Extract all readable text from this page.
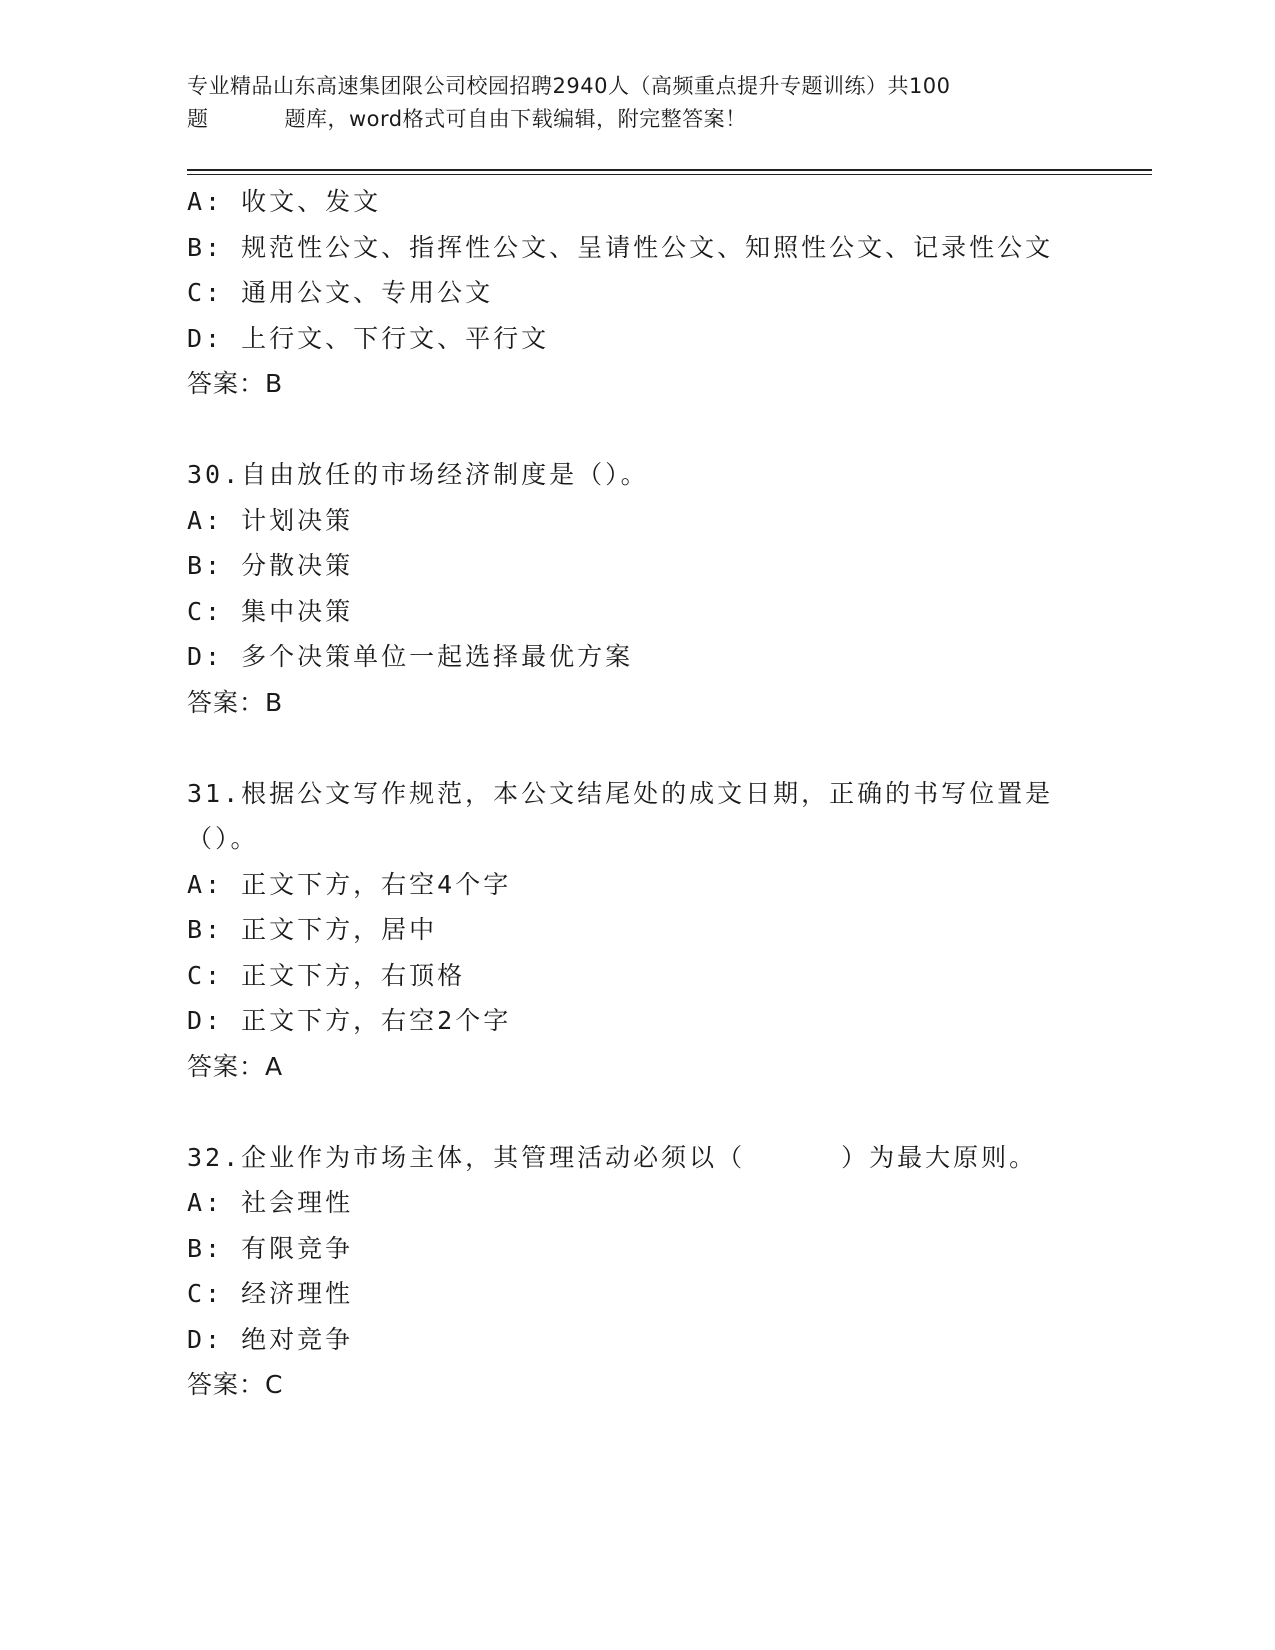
专业精品山东高速集团限公司校园招聘2940人（高频重点提升专题训练）共100
题	题库，word格式可自由下载编辑，附完整答案！
A: 收文、发文
B: 规范性公文、指挥性公文、呈请性公文、知照性公文、记录性公文
C: 通用公文、专用公文
D: 上行文、下行文、平行文
答案：B
30.自由放任的市场经济制度是（）。
A: 计划决策
B: 分散决策
C: 集中决策
D: 多个决策单位一起选择最优方案
答案：B
31.根据公文写作规范，本公文结尾处的成文日期，正确的书写位置是
（）。
A: 正文下方，右空4个字
B: 正文下方，居中
C: 正文下方，右顶格
D: 正文下方，右空2个字
答案：A
32.企业作为市场主体，其管理活动必须以（	）为最大原则。
A: 社会理性
B: 有限竞争
C: 经济理性
D: 绝对竞争
答案：C
